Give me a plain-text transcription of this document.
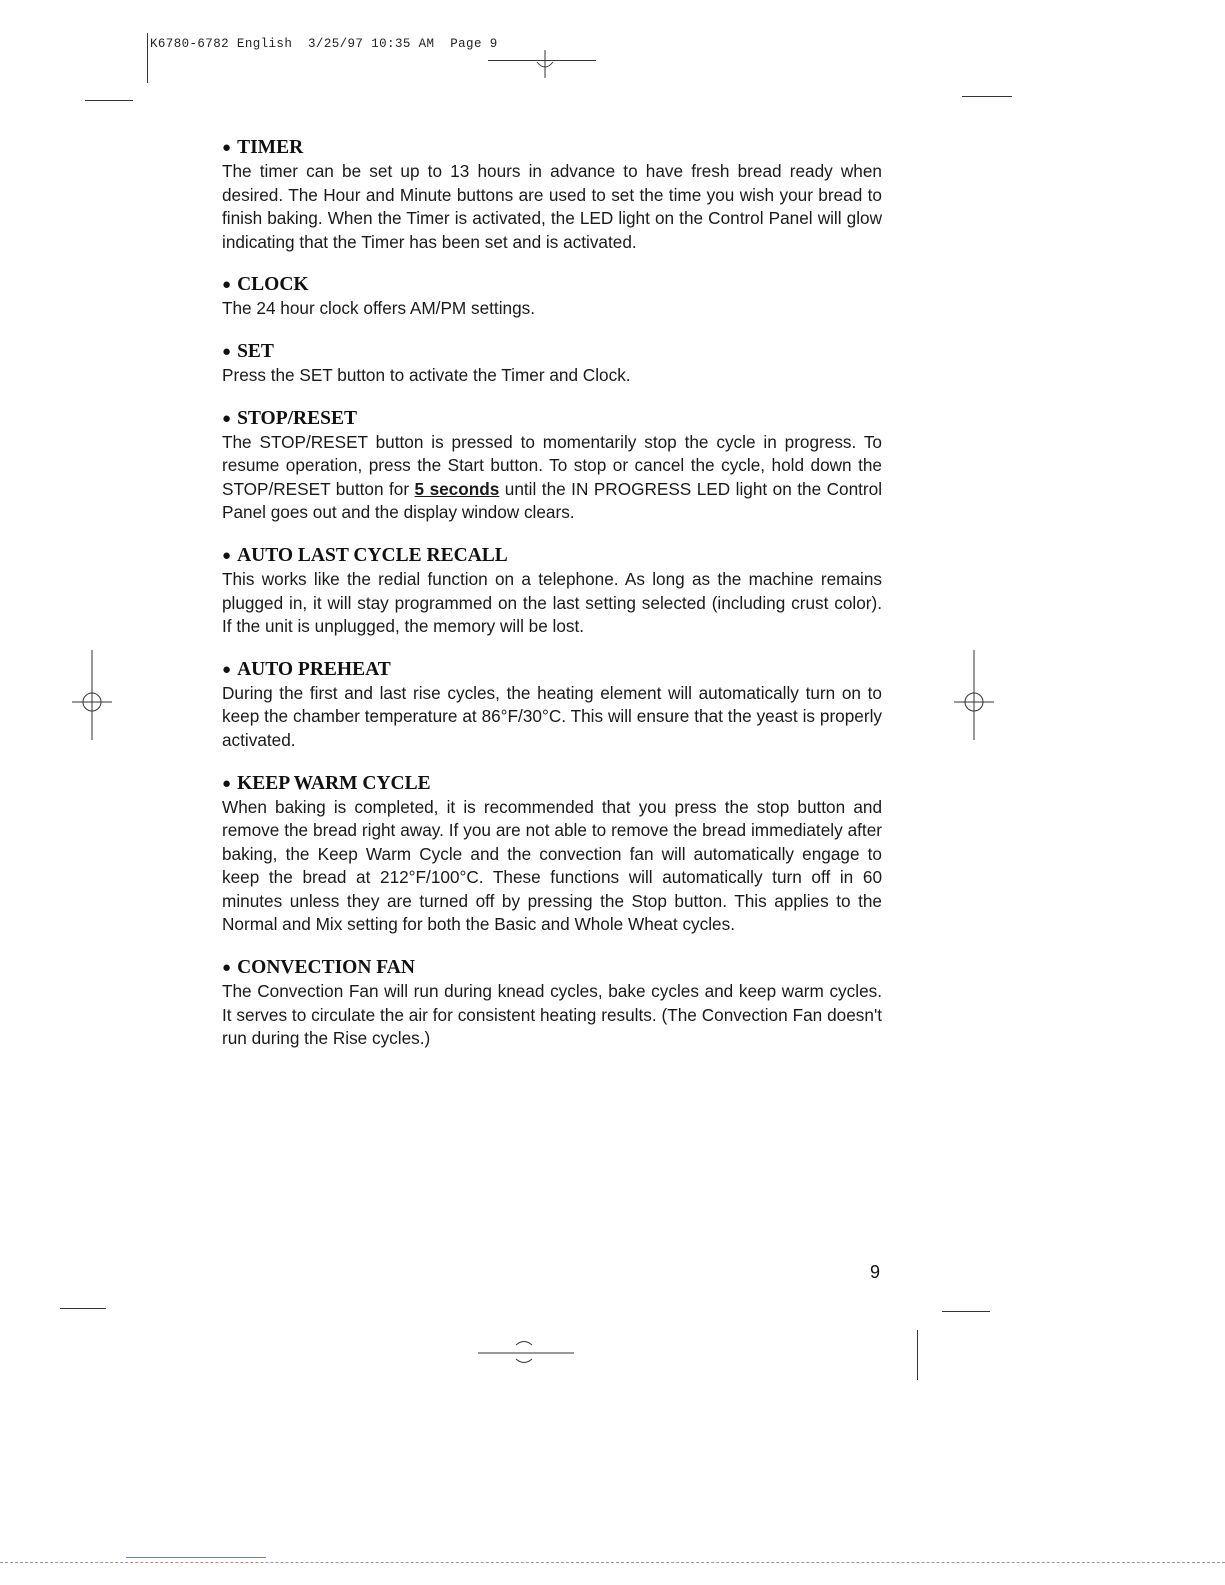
K6780-6782 English  3/25/97 10:35 AM  Page 9
● TIMER

The timer can be set up to 13 hours in advance to have fresh bread ready when desired. The Hour and Minute buttons are used to set the time you wish your bread to finish baking. When the Timer is activated, the LED light on the Control Panel will glow indicating that the Timer has been set and is activated.

● CLOCK

The 24 hour clock offers AM/PM settings.

● SET

Press the SET button to activate the Timer and Clock.

● STOP/RESET

The STOP/RESET button is pressed to momentarily stop the cycle in progress. To resume operation, press the Start button. To stop or cancel the cycle, hold down the STOP/RESET button for 5 seconds until the IN PROGRESS LED light on the Control Panel goes out and the display window clears.

● AUTO LAST CYCLE RECALL

This works like the redial function on a telephone. As long as the machine remains plugged in, it will stay programmed on the last setting selected (including crust color). If the unit is unplugged, the memory will be lost.

● AUTO PREHEAT

During the first and last rise cycles, the heating element will automatically turn on to keep the chamber temperature at 86°F/30°C. This will ensure that the yeast is properly activated.

● KEEP WARM CYCLE

When baking is completed, it is recommended that you press the stop button and remove the bread right away. If you are not able to remove the bread immediately after baking, the Keep Warm Cycle and the convection fan will automatically engage to keep the bread at 212°F/100°C. These functions will automatically turn off in 60 minutes unless they are turned off by pressing the Stop button. This applies to the Normal and Mix setting for both the Basic and Whole Wheat cycles.

● CONVECTION FAN

The Convection Fan will run during knead cycles, bake cycles and keep warm cycles. It serves to circulate the air for consistent heating results. (The Convection Fan doesn't run during the Rise cycles.)

9
